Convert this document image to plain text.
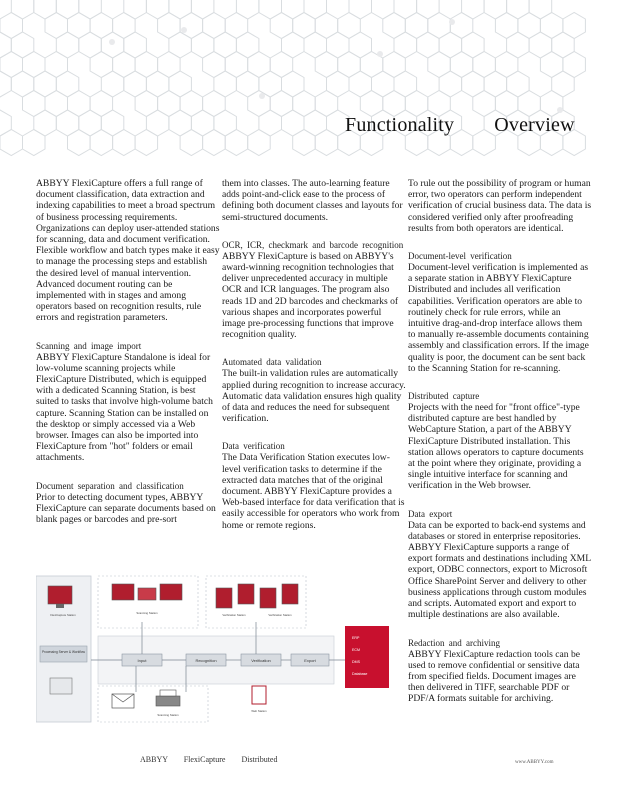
Functionality Overview

ABBYY FlexiCapture offers a full range of document classification, data extraction and indexing capabilities to meet a broad spectrum of business processing requirements. Organizations can deploy user-attended stations for scanning, data and document verification. Flexible workflow and batch types make it easy to manage the processing steps and establish the desired level of manual intervention. Advanced document routing can be implemented with in stages and among operators based on recognition results, rule errors and registration parameters.

Scanning and image import
ABBYY FlexiCapture Standalone is ideal for low-volume scanning projects while FlexiCapture Distributed, which is equipped with a dedicated Scanning Station, is best suited to tasks that involve high-volume batch capture. Scanning Station can be installed on the desktop or simply accessed via a Web browser. Images can also be imported into FlexiCapture from "hot" folders or email attachments.

Document separation and classification
Prior to detecting document types, ABBYY FlexiCapture can separate documents based on blank pages or barcodes and pre-sort

them into classes. The auto-learning feature adds point-and-click ease to the process of defining both document classes and layouts for semi-structured documents.

OCR, ICR, checkmark and barcode recognition
ABBYY FlexiCapture is based on ABBYY's award-winning recognition technologies that deliver unprecedented accuracy in multiple OCR and ICR languages. The program also reads 1D and 2D barcodes and checkmarks of various shapes and incorporates powerful image pre-processing functions that improve recognition quality.

Automated data validation
The built-in validation rules are automatically applied during recognition to increase accuracy. Automatic data validation ensures high quality of data and reduces the need for subsequent verification.

Data verification
The Data Verification Station executes low-level verification tasks to determine if the extracted data matches that of the original document. ABBYY FlexiCapture provides a Web-based interface for data verification that is easily accessible for operators who work from home or remote regions.

To rule out the possibility of program or human error, two operators can perform independent verification of crucial business data. The data is considered verified only after proofreading results from both operators are identical.

Document-level verification
Document-level verification is implemented as a separate station in ABBYY FlexiCapture Distributed and includes all verification capabilities. Verification operators are able to routinely check for rule errors, while an intuitive drag-and-drop interface allows them to manually re-assemble documents containing assembly and classification errors. If the image quality is poor, the document can be sent back to the Scanning Station for re-scanning.

Distributed capture
Projects with the need for "front office"-type distributed capture are best handled by WebCapture Station, a part of the ABBYY FlexiCapture Distributed installation. This station allows operators to capture documents at the point where they originate, providing a single intuitive interface for scanning and verification in the Web browser.

Data export
Data can be exported to back-end systems and databases or stored in enterprise repositories. ABBYY FlexiCapture supports a range of export formats and destinations including XML export, ODBC connectors, export to Microsoft Office SharePoint Server and delivery to other business applications through custom modules and scripts. Automated export and export to multiple destinations are also available.

Redaction and archiving
ABBYY FlexiCapture redaction tools can be used to remove confidential or sensitive data from specified fields. Document images are then delivered in TIFF, searchable PDF or PDF/A formats suitable for archiving.

Processing Server & Workflow
Input	Recognition	Verification	Export
FlexiCapture Station	Scanning Station	Verification Station	Verification Station
Web Station
Scanning Station
ERP
ECM
DMS
Database
ABBYY FlexiCapture Distributed	www.ABBYY.com
